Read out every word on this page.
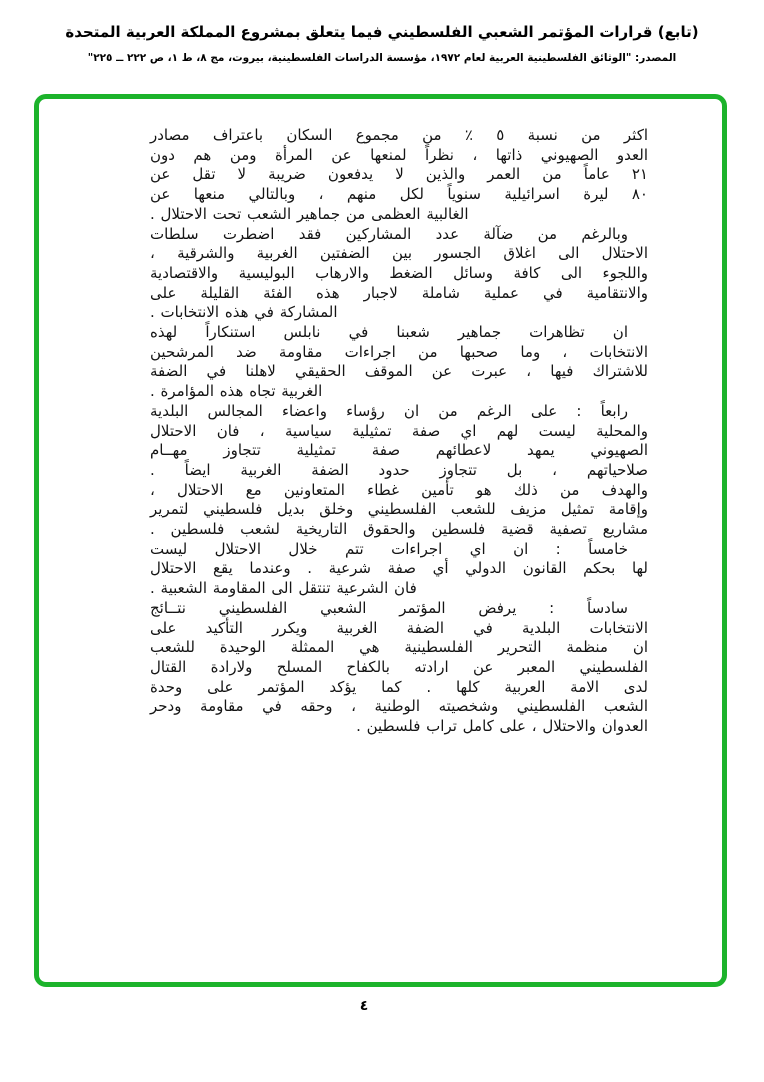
(تابع) قرارات المؤتمر الشعبي الفلسطيني فيما يتعلق بمشروع المملكة العربية المتحدة
المصدر: "الوثائق الفلسطينية العربية لعام ١٩٧٢، مؤسسة الدراسات الفلسطينية، بيروت، مج ٨، ط ١، ص ٢٢٢ ــ ٢٢٥"
اكثر من نسبة ٥ ٪ من مجموع السكان باعتراف مصادر
العدو الصهيوني ذاتها ، نظراً لمنعها عن المرأة ومن هم دون
٢١ عاماً من العمر والذين لا يدفعون ضريبة لا تقل عن
٨٠ ليرة اسرائيلية سنوياً لكل منهم ، وبالتالي منعها عن
الغالبية العظمى من جماهير الشعب تحت الاحتلال .
وبالرغم من ضآلة عدد المشاركين فقد اضطرت سلطات
الاحتلال الى اغلاق الجسور بين الضفتين الغربية والشرقية ،
واللجوء الى كافة وسائل الضغط والارهاب البوليسية والاقتصادية
والانتقامية في عملية شاملة لاجبار هذه الفئة القليلة على
المشاركة في هذه الانتخابات .
ان تظاهرات جماهير شعبنا في نابلس استنكاراً لهذه
الانتخابات ، وما صحبها من اجراءات مقاومة ضد المرشحين
للاشتراك فيها ، عبرت عن الموقف الحقيقي لاهلنا في الضفة
الغربية تجاه هذه المؤامرة .
رابعاً : على الرغم من ان رؤساء واعضاء المجالس البلدية
والمحلية ليست لهم اي صفة تمثيلية سياسية ، فان الاحتلال
الصهيوني يمهد لاعطائهم صفة تمثيلية تتجاوز مهــام
صلاحياتهم ، بل تتجاوز حدود الضفة الغربية ايضاً .
والهدف من ذلك هو تأمين غطاء المتعاونين مع الاحتلال ،
وإقامة تمثيل مزيف للشعب الفلسطيني وخلق بديل فلسطيني لتمرير
مشاريع تصفية قضية فلسطين والحقوق التاريخية لشعب فلسطين .
خامساً : ان اي اجراءات تتم خلال الاحتلال ليست
لها بحكم القانون الدولي أي صفة شرعية . وعندما يقع الاحتلال
فان الشرعية تنتقل الى المقاومة الشعبية .
سادساً : يرفض المؤتمر الشعبي الفلسطيني نتــائج
الانتخابات البلدية في الضفة الغربية ويكرر التأكيد على
ان منظمة التحرير الفلسطينية هي الممثلة الوحيدة للشعب
الفلسطيني المعبر عن ارادته بالكفاح المسلح ولارادة القتال
لدى الامة العربية كلها . كما يؤكد المؤتمر على وحدة
الشعب الفلسطيني وشخصيته الوطنية ، وحقه في مقاومة ودحر
العدوان والاحتلال ، على كامل تراب فلسطين .
٤
